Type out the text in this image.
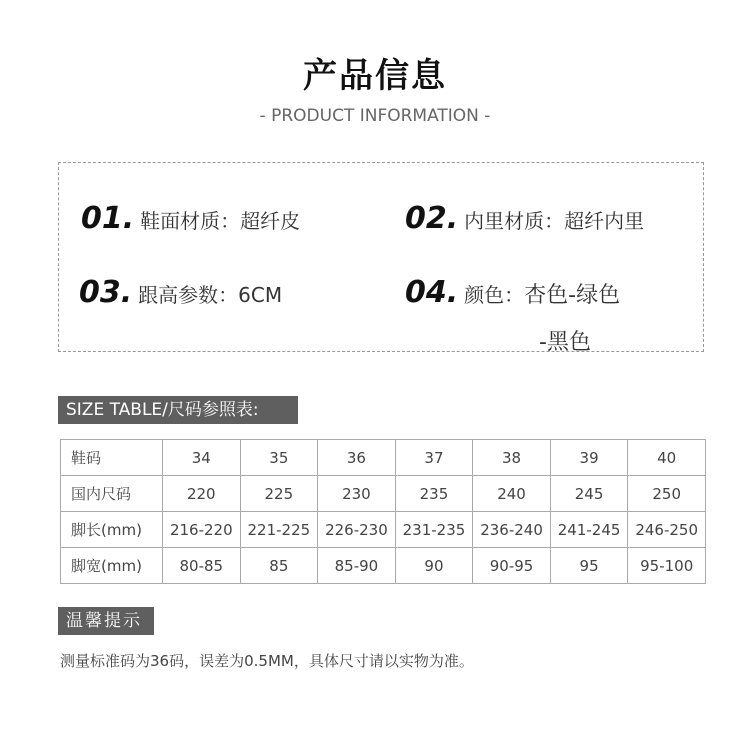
产品信息
- PRODUCT INFORMATION -
01. 鞋面材质： 超纤皮	02. 内里材质： 超纤内里
03. 跟高参数： 6CM	04. 颜色： 杏色-绿色
-黑色
SIZE TABLE/尺码参照表:
鞋码	34	35	36	37	38	39	40
国内尺码	220	225	230	235	240	245	250
脚长(mm)	216-220	221-225	226-230	231-235	236-240	241-245	246-250
脚宽(mm)	80-85	85	85-90	90	90-95	95	95-100
温馨提示
测量标准码为36码，误差为0.5MM，具体尺寸请以实物为准。
